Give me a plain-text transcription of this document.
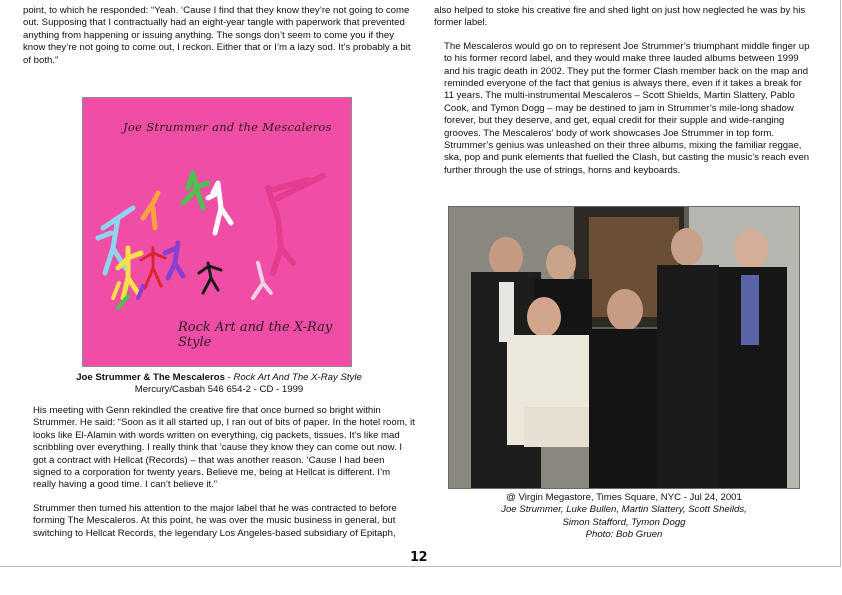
point, to which he responded: “Yeah. ‘Cause I find that they know they’re not going to come out. Supposing that I contractually had an eight-year tangle with paperwork that prevented anything from happening or issuing anything. The songs don’t seem to come you if they know they’re not going to come out, I reckon. Either that or I’m a lazy sod. It’s probably a bit of both.”

Joe Strummer and the Mescaleros
Rock Art and the X-Ray Style
Joe Strummer & The Mescaleros - Rock Art And The X-Ray Style
Mercury/Casbah 546 654-2 - CD - 1999

His meeting with Genn rekindled the creative fire that once burned so bright within Strummer. He said: “Soon as it all started up, I ran out of bits of paper. In the hotel room, it looks like El-Alamin with words written on everything, cig packets, tissues. It’s like mad scribbling over everything. I really think that ’cause they know they can come out now. I got a contract with Hellcat (Records) – that was another reason. ‘Cause I had been signed to a corporation for twenty years. Believe me, being at Hellcat is different. I’m really having a good time. I can’t believe it.”

Strummer then turned his attention to the major label that he was contracted to before forming The Mescaleros. At this point, he was over the music business in general, but switching to Hellcat Records, the legendary Los Angeles-based subsidiary of Epitaph,

also helped to stoke his creative fire and shed light on just how neglected he was by his former label.

The Mescaleros would go on to represent Joe Strummer’s triumphant middle finger up to his former record label, and they would make three lauded albums between 1999 and his tragic death in 2002. They put the former Clash member back on the map and reminded everyone of the fact that genius is always there, even if it takes a break for 11 years. The multi-instrumental Mescaleros – Scott Shields, Martin Slattery, Pablo Cook, and Tymon Dogg – may be destined to jam in Strummer’s mile-long shadow forever, but they deserve, and get, equal credit for their supple and wide-ranging grooves. The Mescaleros’ body of work showcases Joe Strummer in top form. Strummer’s genius was unleashed on their three albums, mixing the familiar reggae, ska, pop and punk elements that fuelled the Clash, but casting the music’s reach even further through the use of strings, horns and keyboards.

@ Virgin Megastore, Times Square, NYC - Jul 24, 2001
Joe Strummer, Luke Bullen, Martin Slattery, Scott Sheilds,
Simon Stafford, Tymon Dogg
Photo: Bob Gruen
12
